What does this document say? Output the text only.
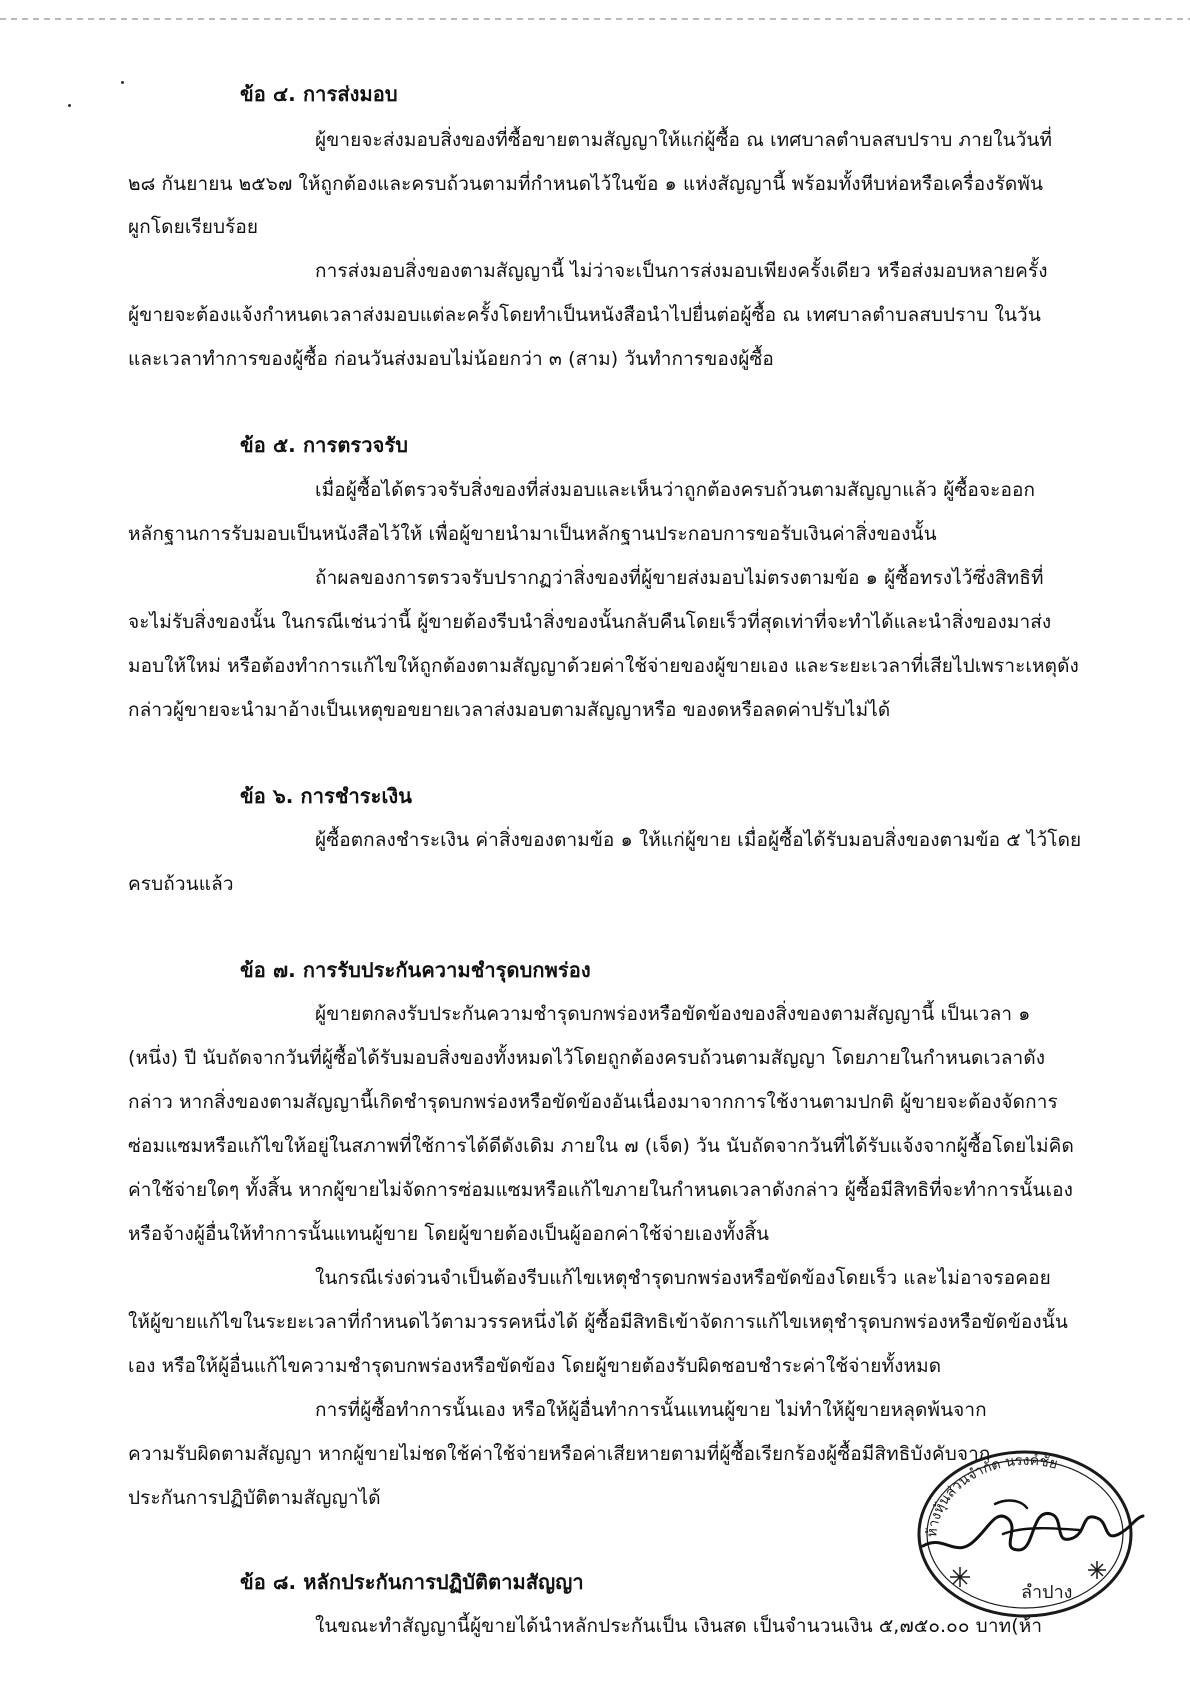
ข้อ ๔. การส่งมอบ
ผู้ขายจะส่งมอบสิ่งของที่ซื้อขายตามสัญญาให้แก่ผู้ซื้อ ณ เทศบาลตำบลสบปราบ ภายในวันที่
๒๘ กันยายน ๒๕๖๗ ให้ถูกต้องและครบถ้วนตามที่กำหนดไว้ในข้อ ๑ แห่งสัญญานี้ พร้อมทั้งหีบห่อหรือเครื่องรัดพัน
ผูกโดยเรียบร้อย
การส่งมอบสิ่งของตามสัญญานี้ ไม่ว่าจะเป็นการส่งมอบเพียงครั้งเดียว หรือส่งมอบหลายครั้ง
ผู้ขายจะต้องแจ้งกำหนดเวลาส่งมอบแต่ละครั้งโดยทำเป็นหนังสือนำไปยื่นต่อผู้ซื้อ ณ เทศบาลตำบลสบปราบ ในวัน
และเวลาทำการของผู้ซื้อ ก่อนวันส่งมอบไม่น้อยกว่า ๓ (สาม) วันทำการของผู้ซื้อ
ข้อ ๕. การตรวจรับ
เมื่อผู้ซื้อได้ตรวจรับสิ่งของที่ส่งมอบและเห็นว่าถูกต้องครบถ้วนตามสัญญาแล้ว ผู้ซื้อจะออก
หลักฐานการรับมอบเป็นหนังสือไว้ให้ เพื่อผู้ขายนำมาเป็นหลักฐานประกอบการขอรับเงินค่าสิ่งของนั้น
ถ้าผลของการตรวจรับปรากฏว่าสิ่งของที่ผู้ขายส่งมอบไม่ตรงตามข้อ ๑ ผู้ซื้อทรงไว้ซึ่งสิทธิที่
จะไม่รับสิ่งของนั้น ในกรณีเช่นว่านี้ ผู้ขายต้องรีบนำสิ่งของนั้นกลับคืนโดยเร็วที่สุดเท่าที่จะทำได้และนำสิ่งของมาส่ง
มอบให้ใหม่ หรือต้องทำการแก้ไขให้ถูกต้องตามสัญญาด้วยค่าใช้จ่ายของผู้ขายเอง และระยะเวลาที่เสียไปเพราะเหตุดัง
กล่าวผู้ขายจะนำมาอ้างเป็นเหตุขอขยายเวลาส่งมอบตามสัญญาหรือ ของดหรือลดค่าปรับไม่ได้
ข้อ ๖. การชำระเงิน
ผู้ซื้อตกลงชำระเงิน ค่าสิ่งของตามข้อ ๑ ให้แก่ผู้ขาย เมื่อผู้ซื้อได้รับมอบสิ่งของตามข้อ ๕ ไว้โดย
ครบถ้วนแล้ว
ข้อ ๗. การรับประกันความชำรุดบกพร่อง
ผู้ขายตกลงรับประกันความชำรุดบกพร่องหรือขัดข้องของสิ่งของตามสัญญานี้ เป็นเวลา ๑
(หนึ่ง) ปี นับถัดจากวันที่ผู้ซื้อได้รับมอบสิ่งของทั้งหมดไว้โดยถูกต้องครบถ้วนตามสัญญา โดยภายในกำหนดเวลาดัง
กล่าว หากสิ่งของตามสัญญานี้เกิดชำรุดบกพร่องหรือขัดข้องอันเนื่องมาจากการใช้งานตามปกติ ผู้ขายจะต้องจัดการ
ซ่อมแซมหรือแก้ไขให้อยู่ในสภาพที่ใช้การได้ดีดังเดิม ภายใน ๗ (เจ็ด) วัน นับถัดจากวันที่ได้รับแจ้งจากผู้ซื้อโดยไม่คิด
ค่าใช้จ่ายใดๆ ทั้งสิ้น หากผู้ขายไม่จัดการซ่อมแซมหรือแก้ไขภายในกำหนดเวลาดังกล่าว ผู้ซื้อมีสิทธิที่จะทำการนั้นเอง
หรือจ้างผู้อื่นให้ทำการนั้นแทนผู้ขาย โดยผู้ขายต้องเป็นผู้ออกค่าใช้จ่ายเองทั้งสิ้น
ในกรณีเร่งด่วนจำเป็นต้องรีบแก้ไขเหตุชำรุดบกพร่องหรือขัดข้องโดยเร็ว และไม่อาจรอคอย
ให้ผู้ขายแก้ไขในระยะเวลาที่กำหนดไว้ตามวรรคหนึ่งได้ ผู้ซื้อมีสิทธิเข้าจัดการแก้ไขเหตุชำรุดบกพร่องหรือขัดข้องนั้น
เอง หรือให้ผู้อื่นแก้ไขความชำรุดบกพร่องหรือขัดข้อง โดยผู้ขายต้องรับผิดชอบชำระค่าใช้จ่ายทั้งหมด
การที่ผู้ซื้อทำการนั้นเอง หรือให้ผู้อื่นทำการนั้นแทนผู้ขาย ไม่ทำให้ผู้ขายหลุดพ้นจาก
ความรับผิดตามสัญญา หากผู้ขายไม่ชดใช้ค่าใช้จ่ายหรือค่าเสียหายตามที่ผู้ซื้อเรียกร้องผู้ซื้อมีสิทธิบังคับจาก
ประกันการปฏิบัติตามสัญญาได้
ข้อ ๘. หลักประกันการปฏิบัติตามสัญญา
ในขณะทำสัญญานี้ผู้ขายได้นำหลักประกันเป็น เงินสด เป็นจำนวนเงิน ๕,๗๕๐.๐๐ บาท(ห้า
ห้างหุ้นส่วนจำกัด นรงค์ชัย
ลำปาง
